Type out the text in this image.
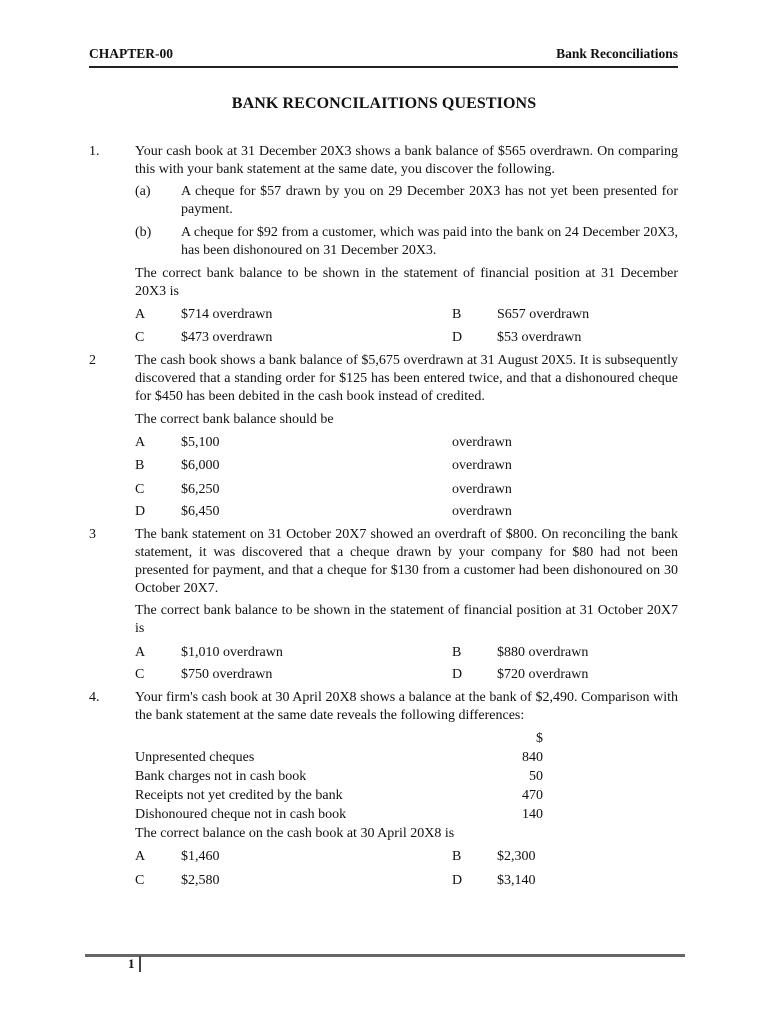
CHAPTER-00	Bank Reconciliations
BANK RECONCILAITIONS QUESTIONS
1.	Your cash book at 31 December 20X3 shows a bank balance of $565 overdrawn. On comparing this with your bank statement at the same date, you discover the following.
(a) A cheque for $57 drawn by you on 29 December 20X3 has not yet been presented for payment.
(b) A cheque for $92 from a customer, which was paid into the bank on 24 December 20X3, has been dishonoured on 31 December 20X3.
The correct bank balance to be shown in the statement of financial position at 31 December 20X3 is
A	$714 overdrawn	B	S657 overdrawn
C	$473 overdrawn	D $53 overdrawn
2	The cash book shows a bank balance of $5,675 overdrawn at 31 August 20X5. It is subsequently discovered that a standing order for $125 has been entered twice, and that a dishonoured cheque for $450 has been debited in the cash book instead of credited.
The correct bank balance should be
A	$5,100	overdrawn
B	$6,000	overdrawn
C	$6,250	overdrawn
D	$6,450	overdrawn
3	The bank statement on 31 October 20X7 showed an overdraft of $800. On reconciling the bank statement, it was discovered that a cheque drawn by your company for $80 had not been presented for payment, and that a cheque for $130 from a customer had been dishonoured on 30 October 20X7.
The correct bank balance to be shown in the statement of financial position at 31 October 20X7 is
A	$1,010 overdrawn	B	$880 overdrawn
C	$750 overdrawn	D $720 overdrawn
4.	Your firm's cash book at 30 April 20X8 shows a balance at the bank of $2,490. Comparison with the bank statement at the same date reveals the following differences:
$
Unpresented cheques	840
Bank charges not in cash book	50
Receipts not yet credited by the bank	470
Dishonoured cheque not in cash book	140
The correct balance on the cash book at 30 April 20X8 is
A	$1,460	B	$2,300
C	$2,580	D $3,140
1
